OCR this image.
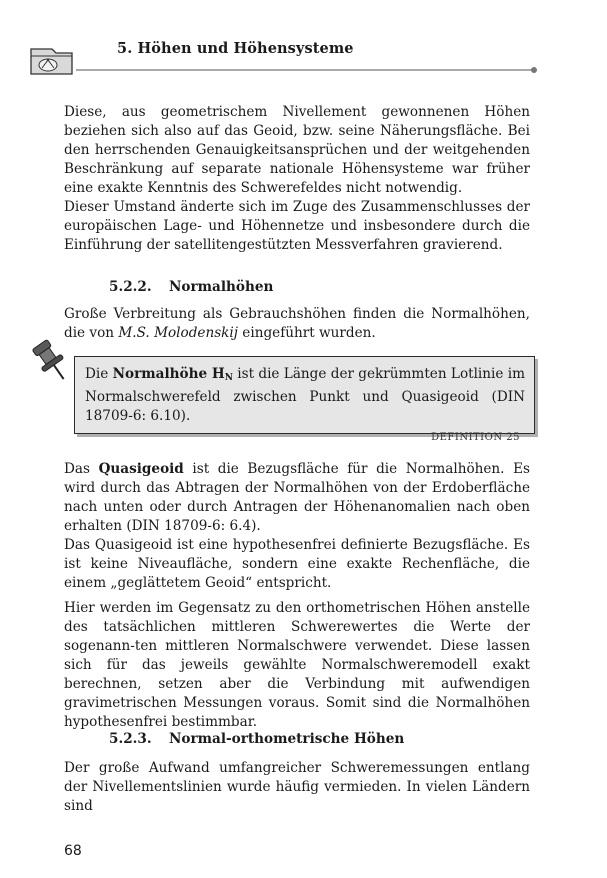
5. Höhen und Höhensysteme

Diese, aus geometrischem Nivellement gewonnenen Höhen beziehen sich also auf das Geoid, bzw. seine Näherungsfläche. Bei den herrschenden Genauigkeitsansprüchen und der weitgehenden Beschränkung auf separate nationale Höhensysteme war früher eine exakte Kenntnis des Schwerefeldes nicht notwendig.

Dieser Umstand änderte sich im Zuge des Zusammenschlusses der europäischen Lage- und Höhennetze und insbesondere durch die Einführung der satellitengestützten Messverfahren gravierend.

5.2.2. Normalhöhen

Große Verbreitung als Gebrauchshöhen finden die Normalhöhen, die von M.S. Molodenskij eingeführt wurden.

Die Normalhöhe $H_N$ ist die Länge der gekrümmten Lotlinie im Normalschwerefeld zwischen Punkt und Quasigeoid (DIN 18709-6: 6.10).
DEFINITION 25

Das Quasigeoid ist die Bezugsfläche für die Normalhöhen. Es wird durch das Abtragen der Normalhöhen von der Erdoberfläche nach unten oder durch Antragen der Höhenanomalien nach oben erhalten (DIN 18709-6: 6.4).

Das Quasigeoid ist eine hypothesenfrei definierte Bezugsfläche. Es ist keine Niveaufläche, sondern eine exakte Rechenfläche, die einem „geglättetem Geoid“ entspricht.

Hier werden im Gegensatz zu den orthometrischen Höhen anstelle des tatsächlichen mittleren Schwerewertes die Werte der sogenann-ten mittleren Normalschwere verwendet. Diese lassen sich für das jeweils gewählte Normalschweremodell exakt berechnen, setzen aber die Verbindung mit aufwendigen gravimetrischen Messungen voraus. Somit sind die Normalhöhen hypothesenfrei bestimmbar.

5.2.3. Normal-orthometrische Höhen

Der große Aufwand umfangreicher Schweremessungen entlang der Nivellementslinien wurde häufig vermieden. In vielen Ländern sind

68
